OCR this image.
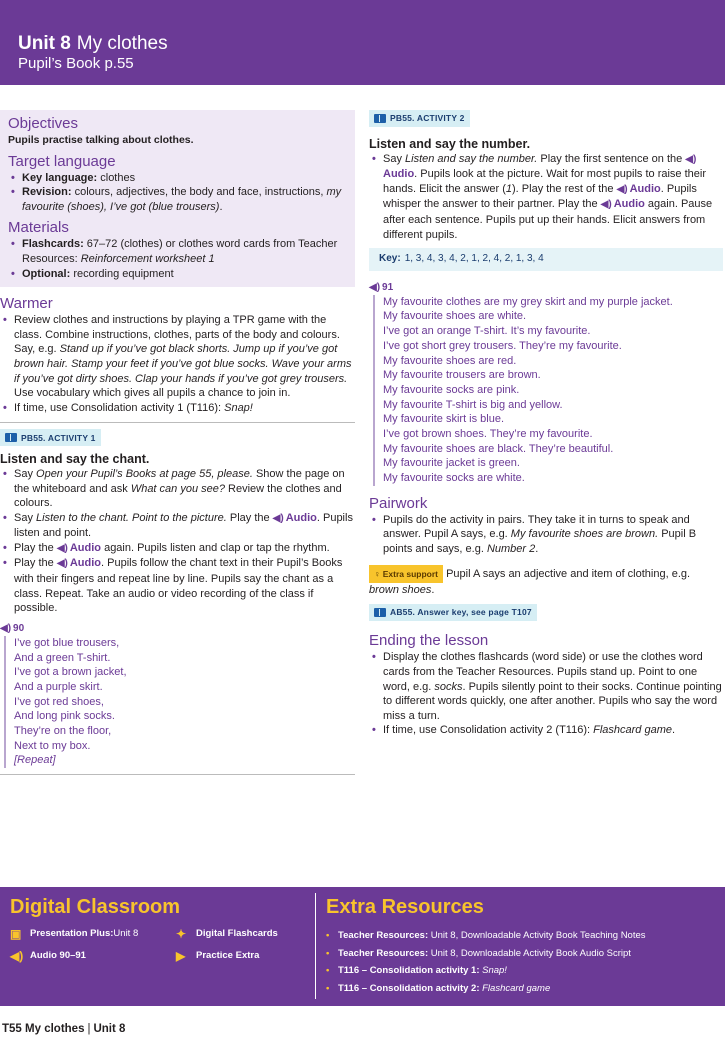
Unit 8 My clothes
Pupil’s Book p.55
Objectives
Pupils practise talking about clothes.
Target language
• Key language: clothes
• Revision: colours, adjectives, the body and face, instructions, my favourite (shoes), I’ve got (blue trousers).
Materials
• Flashcards: 67–72 (clothes) or clothes word cards from Teacher Resources: Reinforcement worksheet 1
• Optional: recording equipment
Warmer
• Review clothes and instructions by playing a TPR game with the class. Combine instructions, clothes, parts of the body and colours. Say, e.g. Stand up if you’ve got black shorts. Jump up if you’ve got brown hair. Stamp your feet if you’ve got blue socks. Wave your arms if you’ve got dirty shoes. Clap your hands if you’ve got grey trousers. Use vocabulary which gives all pupils a chance to join in.
• If time, use Consolidation activity 1 (T116): Snap!
PB55. ACTIVITY 1
Listen and say the chant.
• Say Open your Pupil’s Books at page 55, please. Show the page on the whiteboard and ask What can you see? Review the clothes and colours.
• Say Listen to the chant. Point to the picture. Play the ◀) Audio. Pupils listen and point.
• Play the ◀) Audio again. Pupils listen and clap or tap the rhythm.
• Play the ◀) Audio. Pupils follow the chant text in their Pupil’s Books with their fingers and repeat line by line. Pupils say the chant as a class. Repeat. Take an audio or video recording of the class if possible.
◀) 90
I’ve got blue trousers,
And a green T-shirt.
I’ve got a brown jacket,
And a purple skirt.
I’ve got red shoes,
And long pink socks.
They’re on the floor,
Next to my box.
[Repeat]
PB55. ACTIVITY 2
Listen and say the number.
• Say Listen and say the number. Play the first sentence on the ◀)Audio. Pupils look at the picture. Wait for most pupils to raise their hands. Elicit the answer (1). Play the rest of the ◀) Audio. Pupils whisper the answer to their partner. Play the ◀) Audio again. Pause after each sentence. Pupils put up their hands. Elicit answers from different pupils.
Key: 1, 3, 4, 3, 4, 2, 1, 2, 4, 2, 1, 3, 4
◀) 91
My favourite clothes are my grey skirt and my purple jacket.
My favourite shoes are white.
I’ve got an orange T-shirt. It’s my favourite.
I’ve got short grey trousers. They’re my favourite.
My favourite shoes are red.
My favourite trousers are brown.
My favourite socks are pink.
My favourite T-shirt is big and yellow.
My favourite skirt is blue.
I’ve got brown shoes. They’re my favourite.
My favourite shoes are black. They’re beautiful.
My favourite jacket is green.
My favourite socks are white.
Pairwork
• Pupils do the activity in pairs. They take it in turns to speak and answer. Pupil A says, e.g. My favourite shoes are brown. Pupil B points and says, e.g. Number 2.
♀ Extra support Pupil A says an adjective and item of clothing, e.g. brown shoes.
AB55. Answer key, see page T107
Ending the lesson
• Display the clothes flashcards (word side) or use the clothes word cards from the Teacher Resources. Pupils stand up. Point to one word, e.g. socks. Pupils silently point to their socks. Continue pointing to different words quickly, one after another. Pupils who say the word miss a turn.
• If time, use Consolidation activity 2 (T116): Flashcard game.
Digital Classroom
▣ Presentation Plus: Unit 8
◀) Audio 90–91
✦	Digital Flashcards
▶	Practice Extra
Extra Resources
• Teacher Resources: Unit 8, Downloadable Activity Book Teaching Notes
• Teacher Resources: Unit 8, Downloadable Activity Book Audio Script
• T116 – Consolidation activity 1: Snap!
• T116 – Consolidation activity 2: Flashcard game
T55 My clothes | Unit 8
